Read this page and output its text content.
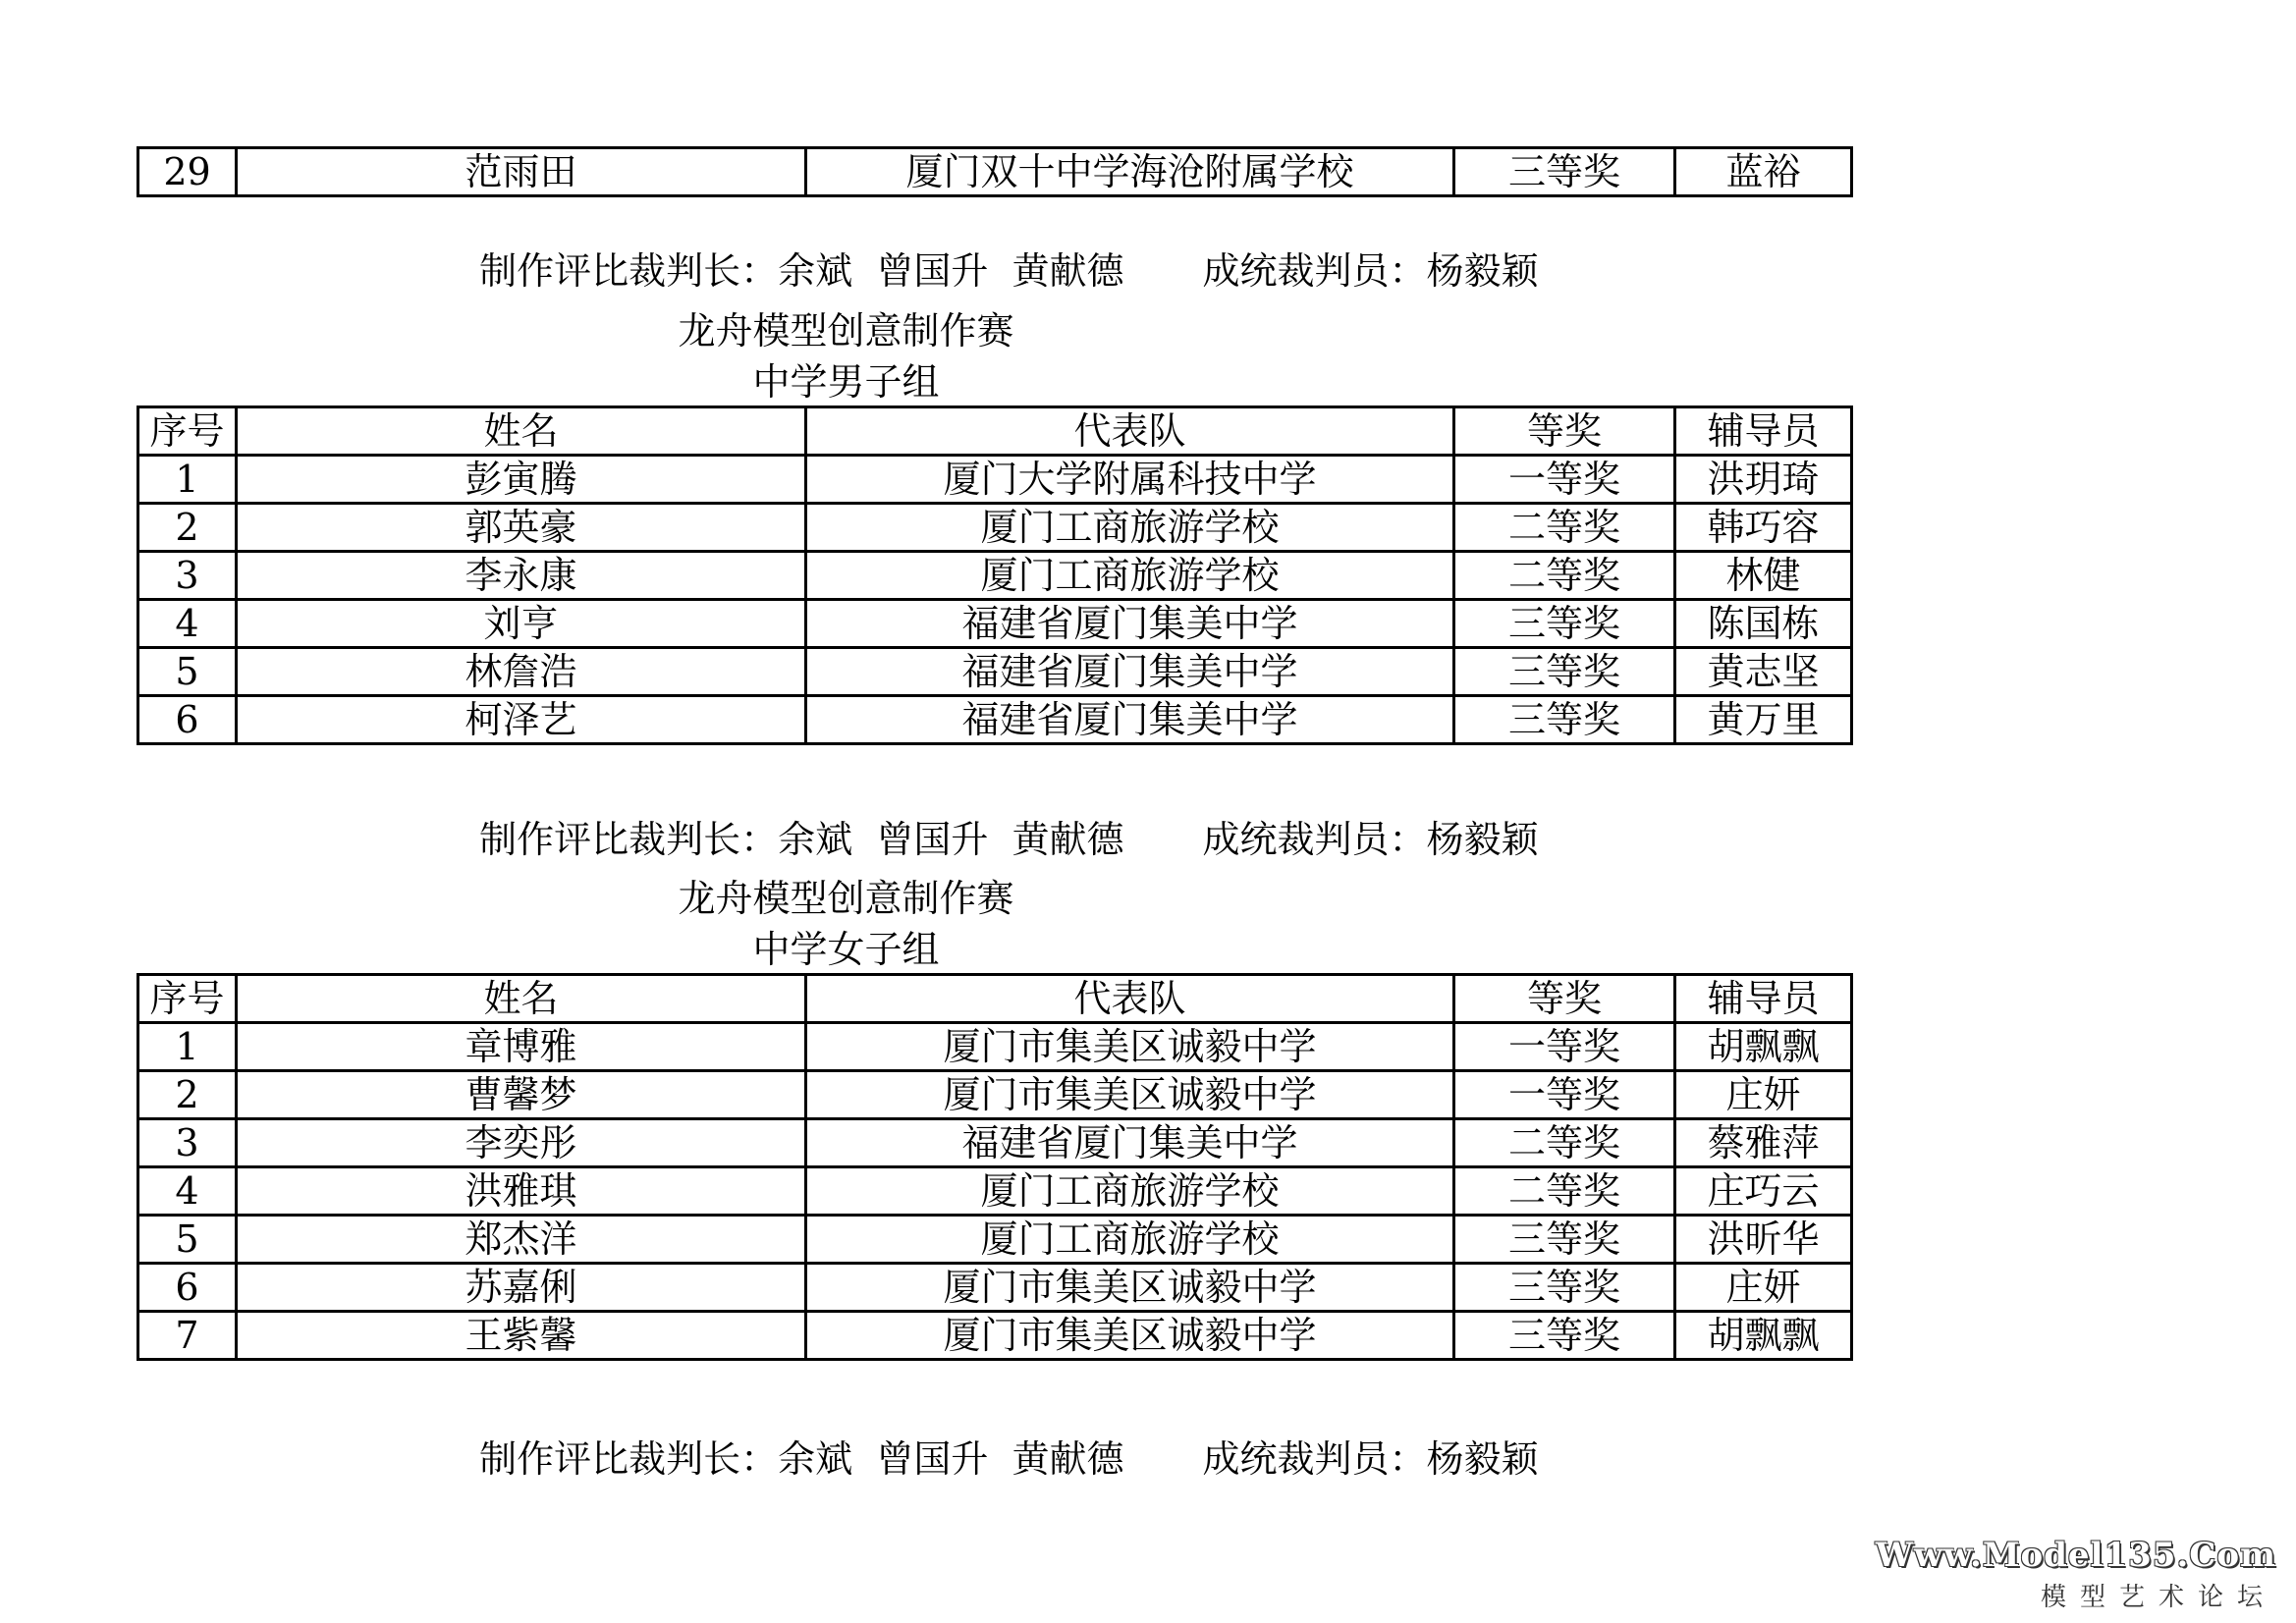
29	范雨田	厦门双十中学海沧附属学校	三等奖	蓝裕

制作评比裁判长：余斌  曾国升  黄献德 成统裁判员：杨毅颖

龙舟模型创意制作赛
中学男子组
序号	姓名	代表队	等奖	辅导员
1	彭寅腾	厦门大学附属科技中学	一等奖	洪玥琦
2	郭英豪	厦门工商旅游学校	二等奖	韩巧容
3	李永康	厦门工商旅游学校	二等奖	林健
4	刘亨	福建省厦门集美中学	三等奖	陈国栋
5	林詹浩	福建省厦门集美中学	三等奖	黄志坚
6	柯泽艺	福建省厦门集美中学	三等奖	黄万里

制作评比裁判长：余斌  曾国升  黄献德 成统裁判员：杨毅颖

龙舟模型创意制作赛
中学女子组
序号	姓名	代表队	等奖	辅导员
1	章博雅	厦门市集美区诚毅中学	一等奖	胡飘飘
2	曹馨梦	厦门市集美区诚毅中学	一等奖	庄妍
3	李奕彤	福建省厦门集美中学	二等奖	蔡雅萍
4	洪雅琪	厦门工商旅游学校	二等奖	庄巧云
5	郑杰洋	厦门工商旅游学校	三等奖	洪昕华
6	苏嘉俐	厦门市集美区诚毅中学	三等奖	庄妍
7	王紫馨	厦门市集美区诚毅中学	三等奖	胡飘飘

制作评比裁判长：余斌  曾国升  黄献德 成统裁判员：杨毅颖

Www.Model135.Com
模型艺术论坛
